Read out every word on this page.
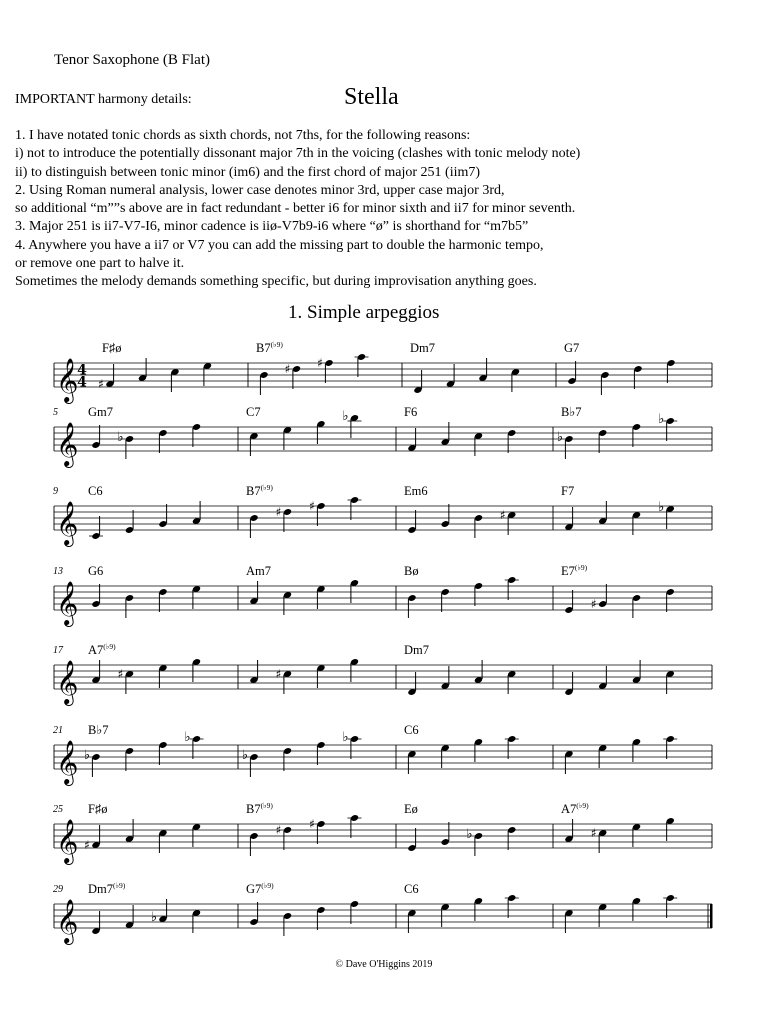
Tenor Saxophone (B Flat)
IMPORTANT harmony details:	Stella
1. I have notated tonic chords as sixth chords, not 7ths, for the following reasons:
i) not to introduce the potentially dissonant major 7th in the voicing (clashes with tonic melody note)
ii) to distinguish between tonic minor (im6) and the first chord of major 251 (iim7)
2. Using Roman numeral analysis, lower case denotes minor 3rd, upper case major 3rd,
so additional “m””s above are in fact redundant - better i6 for minor sixth and ii7 for minor seventh.
3. Major 251 is ii7-V7-I6, minor cadence is iiø-V7b9-i6 where “ø” is shorthand for “m7b5”
4. Anywhere you have a ii7 or V7 you can add the missing part to double the harmonic tempo,
or remove one part to halve it.
Sometimes the melody demands something specific, but during improvisation anything goes.
1. Simple arpeggios
𝄞
4
4
F♯ø
♯
$B7^{(♭9)}$
♯ ♯
Dm7	G7
𝄞
5 Gm7
♭
C7	♭	F6	B♭7
♭
♭
𝄞
9 C6	$B7^{(♭9)}$
♯ ♯
Em6
♯
F7
♭
𝄞
13 G6	Am7	Bø	$E7^{(♭9)}$
♯
𝄞
17 $A7^{(♭9)}$
♯	♯
Dm7
𝄞
21 B♭7
♭
♭
♭
♭	C6
𝄞
25 F♯ø
♯
$B7^{(♭9)}$
♯ ♯
Eø
♭
$A7^{(♭9)}$
♯
𝄞
29 $Dm7^{(♭9)}$
♭
$G7^{(♭9)}$	C6
© Dave O'Higgins 2019
